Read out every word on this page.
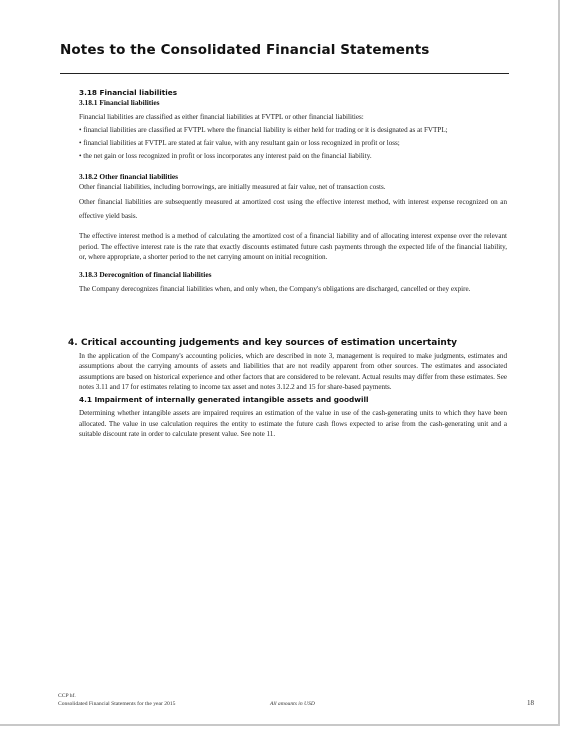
Notes to the Consolidated Financial Statements

3.18 Financial liabilities

3.18.1 Financial liabilities

Financial liabilities are classified as either financial liabilities at FVTPL or other financial liabilities:

• financial liabilities are classified at FVTPL where the financial liability is either held for trading or it is designated as at FVTPL;

• financial liabilities at FVTPL are stated at fair value, with any resultant gain or loss recognized in profit or loss;

• the net gain or loss recognized in profit or loss incorporates any interest paid on the financial liability.

3.18.2 Other financial liabilities

Other financial liabilities, including borrowings, are initially measured at fair value, net of transaction costs.

Other financial liabilities are subsequently measured at amortized cost using the effective interest method, with interest expense recognized on an effective yield basis.

The effective interest method is a method of calculating the amortized cost of a financial liability and of allocating interest expense over the relevant period. The effective interest rate is the rate that exactly discounts estimated future cash payments through the expected life of the financial liability, or, where appropriate, a shorter period to the net carrying amount on initial recognition.

3.18.3 Derecognition of financial liabilities

The Company derecognizes financial liabilities when, and only when, the Company's obligations are discharged, cancelled or they expire.

4. Critical accounting judgements and key sources of estimation uncertainty

In the application of the Company's accounting policies, which are described in note 3, management is required to make judgments, estimates and assumptions about the carrying amounts of assets and liabilities that are not readily apparent from other sources. The estimates and associated assumptions are based on historical experience and other factors that are considered to be relevant. Actual results may differ from these estimates. See notes 3.11 and 17 for estimates relating to income tax asset and notes 3.12.2 and 15 for share-based payments.

4.1 Impairment of internally generated intangible assets and goodwill

Determining whether intangible assets are impaired requires an estimation of the value in use of the cash-generating units to which they have been allocated. The value in use calculation requires the entity to estimate the future cash flows expected to arise from the cash-generating unit and a suitable discount rate in order to calculate present value. See note 11.

CCP hf.
Consolidated Financial Statements for the year 2015	All amounts in USD	18
